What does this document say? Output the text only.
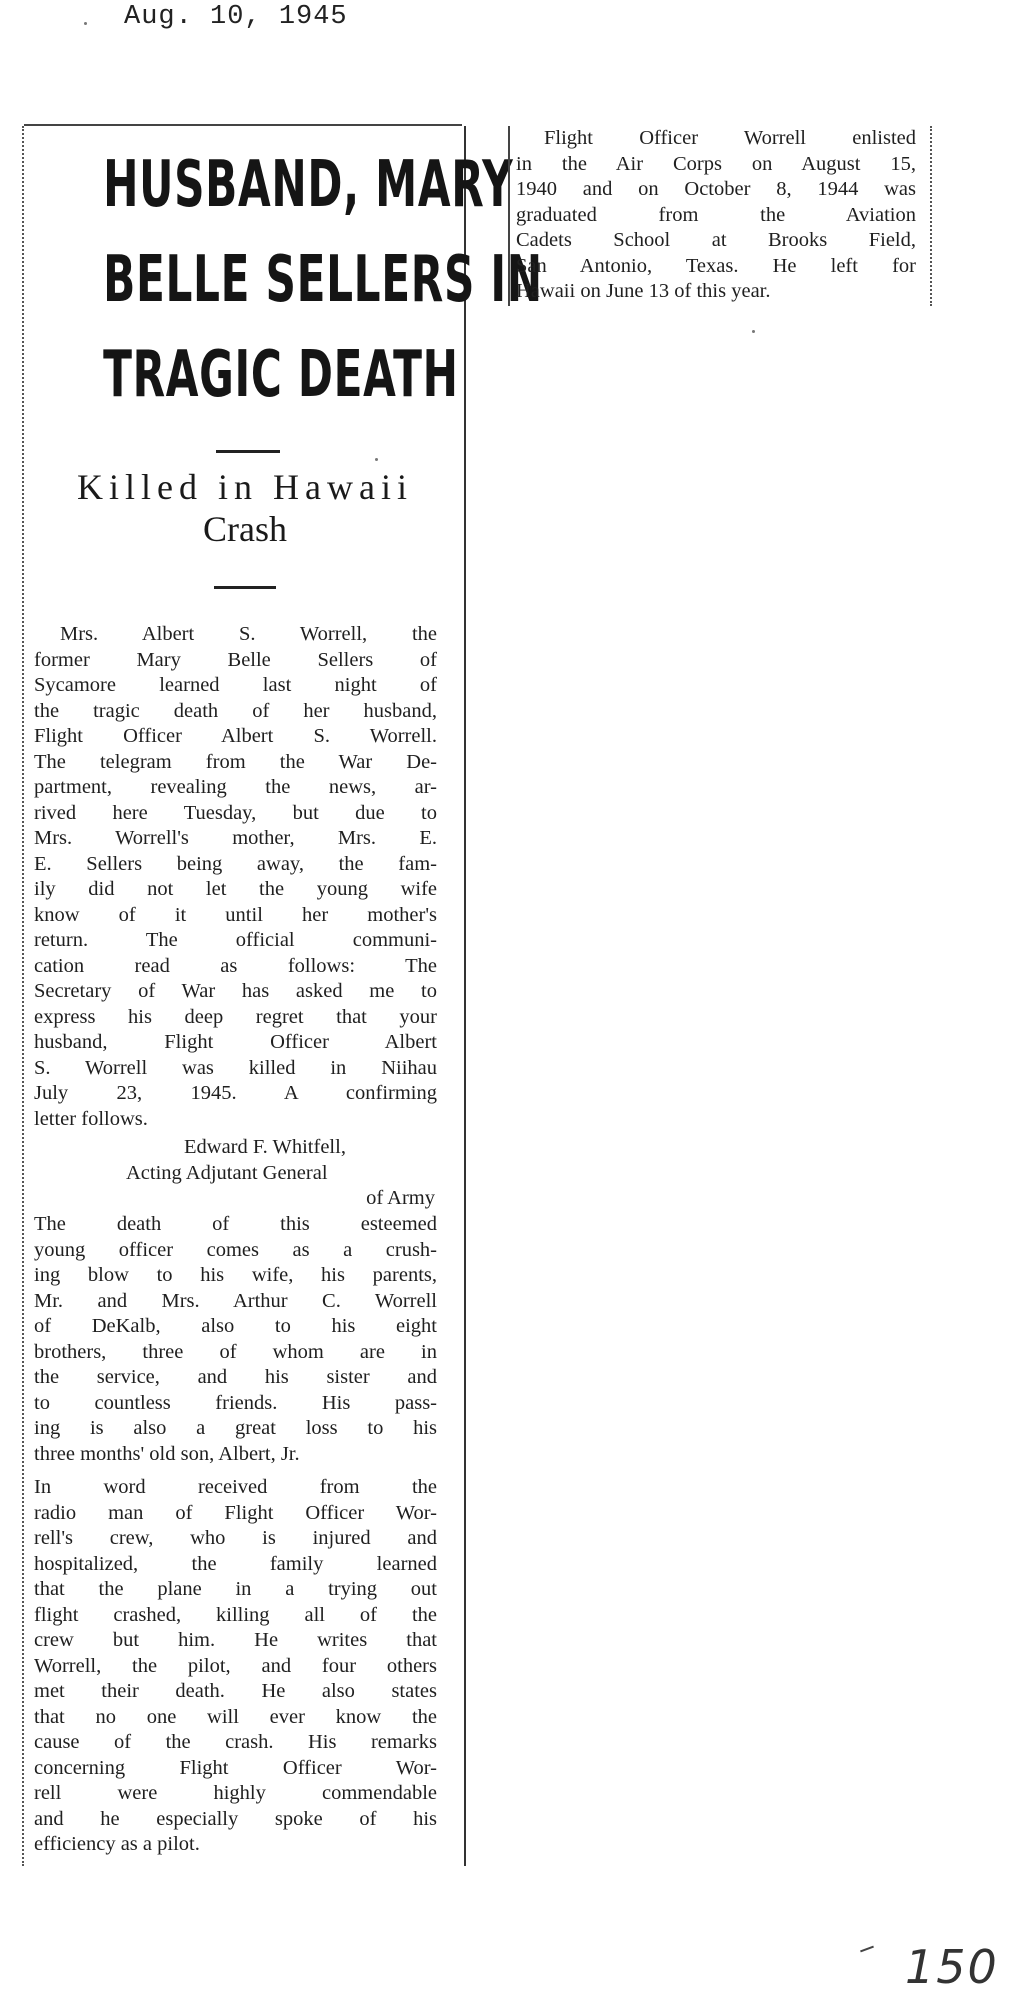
Aug. 10, 1945
HUSBAND, MARY
BELLE SELLERS IN
TRAGIC DEATH
Killed in Hawaii
Crash
Mrs. Albert S. Worrell, the
former Mary Belle Sellers of
Sycamore learned last night of
the tragic death of her husband,
Flight Officer Albert S. Worrell.
The telegram from the War De-
partment, revealing the news, ar-
rived here Tuesday, but due to
Mrs. Worrell's mother, Mrs. E.
E. Sellers being away, the fam-
ily did not let the young wife
know of it until her mother's
return. The official communi-
cation read as follows: The
Secretary of War has asked me to
express his deep regret that your
husband, Flight Officer Albert
S. Worrell was killed in Niihau
July 23, 1945. A confirming
letter follows.
Edward F. Whitfell,
Acting Adjutant General
of Army
The death of this esteemed
young officer comes as a crush-
ing blow to his wife, his parents,
Mr. and Mrs. Arthur C. Worrell
of DeKalb, also to his eight
brothers, three of whom are in
the service, and his sister and
to countless friends. His pass-
ing is also a great loss to his
three months' old son, Albert, Jr.
In word received from the
radio man of Flight Officer Wor-
rell's crew, who is injured and
hospitalized, the family learned
that the plane in a trying out
flight crashed, killing all of the
crew but him. He writes that
Worrell, the pilot, and four others
met their death. He also states
that no one will ever know the
cause of the crash. His remarks
concerning Flight Officer Wor-
rell were highly commendable
and he especially spoke of his
efficiency as a pilot.
Flight Officer Worrell enlisted
in the Air Corps on August 15,
1940 and on October 8, 1944 was
graduated from the Aviation
Cadets School at Brooks Field,
San Antonio, Texas. He left for
Hawaii on June 13 of this year.
150
